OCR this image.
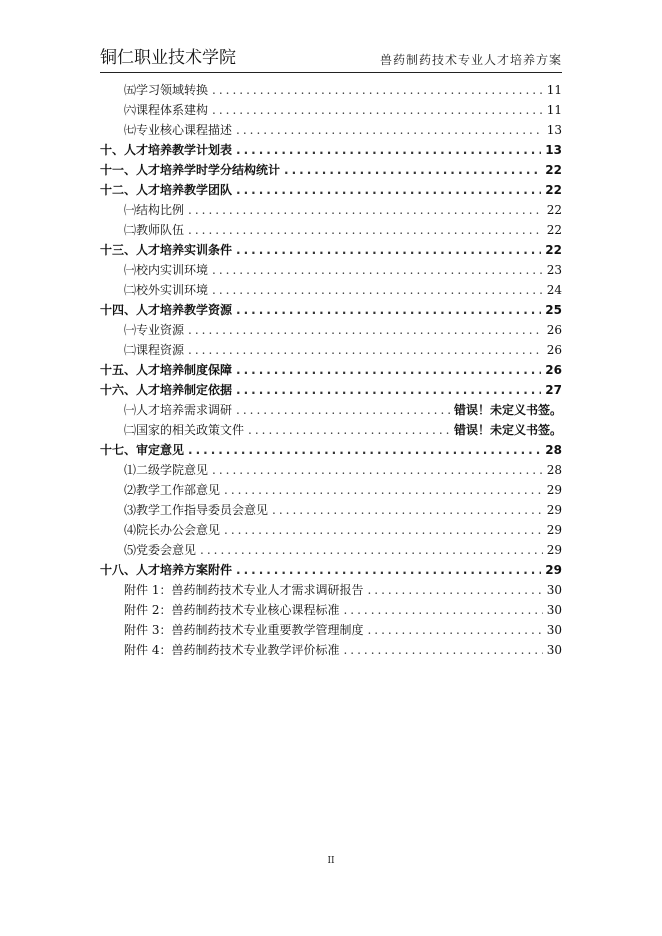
铜仁职业技术学院	兽药制药技术专业人才培养方案
㈤学习领域转换 .....	11
㈥课程体系建构 .....	11
㈦专业核心课程描述 .....	13
十、人才培养教学计划表 .....	13
十一、人才培养学时学分结构统计 .....	22
十二、人才培养教学团队 .....	22
㈠结构比例 .....	22
㈡教师队伍 .....	22
十三、人才培养实训条件 .....	22
㈠校内实训环境 .....	23
㈡校外实训环境 .....	24
十四、人才培养教学资源 .....	25
㈠专业资源 .....	26
㈡课程资源 .....	26
十五、人才培养制度保障 .....	26
十六、人才培养制定依据 .....	27
㈠人才培养需求调研 .....	错误！未定义书签。
㈡国家的相关政策文件 .....	错误！未定义书签。
十七、审定意见 .....	28
⑴二级学院意见 .....	28
⑵教学工作部意见 .....	29
⑶教学工作指导委员会意见 .....	29
⑷院长办公会意见 .....	29
⑸党委会意见 .....	29
十八、人才培养方案附件 .....	29
附件 1：兽药制药技术专业人才需求调研报告 .....	30
附件 2：兽药制药技术专业核心课程标准 .....	30
附件 3：兽药制药技术专业重要教学管理制度 .....	30
附件 4：兽药制药技术专业教学评价标准 .....	30
II
